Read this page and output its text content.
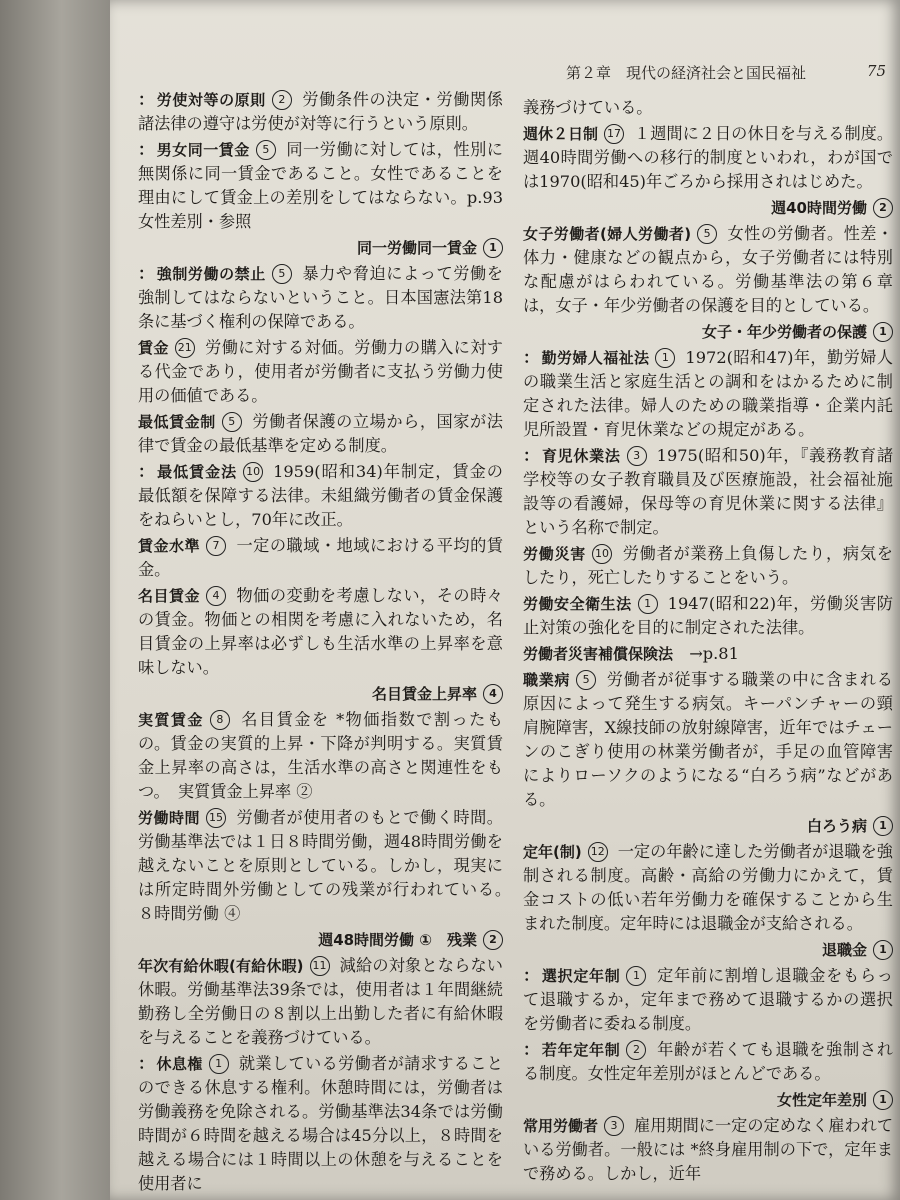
第２章　現代の経済社会と国民福祉	75
： 労使対等の原則 2 労働条件の決定・労働関係諸法律の遵守は労使が対等に行うという原則。
： 男女同一賃金 5 同一労働に対しては，性別に無関係に同一賃金であること。女性であることを理由にして賃金上の差別をしてはならない。p.93 女性差別・参照
同一労働同一賃金 1
： 強制労働の禁止 5 暴力や脅迫によって労働を強制してはならないということ。日本国憲法第18条に基づく権利の保障である。
賃金 21 労働に対する対価。労働力の購入に対する代金であり，使用者が労働者に支払う労働力使用の価値である。
最低賃金制 5 労働者保護の立場から，国家が法律で賃金の最低基準を定める制度。
： 最低賃金法 10 1959(昭和34)年制定，賃金の最低額を保障する法律。未組織労働者の賃金保護をねらいとし，70年に改正。
賃金水準 7 一定の職域・地域における平均的賃金。
名目賃金 4 物価の変動を考慮しない，その時々の賃金。物価との相関を考慮に入れないため，名目賃金の上昇率は必ずしも生活水準の上昇率を意味しない。
名目賃金上昇率 4
実質賃金 8 名目賃金を *物価指数で割ったもの。賃金の実質的上昇・下降が判明する。実質賃金上昇率の高さは，生活水準の高さと関連性をもつ。　実質賃金上昇率 ②
労働時間 15 労働者が使用者のもとで働く時間。労働基準法では１日８時間労働，週48時間労働を越えないことを原則としている。しかし，現実には所定時間外労働としての残業が行われている。　８時間労働 ④
週48時間労働 ①　残業 2
年次有給休暇(有給休暇) 11 減給の対象とならない休暇。労働基準法39条では，使用者は１年間継続勤務し全労働日の８割以上出勤した者に有給休暇を与えることを義務づけている。
： 休息権 1 就業している労働者が請求することのできる休息する権利。休憩時間には，労働者は労働義務を免除される。労働基準法34条では労働時間が６時間を越える場合は45分以上，８時間を越える場合には１時間以上の休憩を与えることを使用者に
義務づけている。
週休２日制 17 １週間に２日の休日を与える制度。週40時間労働への移行的制度といわれ，わが国では1970(昭和45)年ごろから採用されはじめた。
週40時間労働 2
女子労働者(婦人労働者) 5 女性の労働者。性差・体力・健康などの観点から，女子労働者には特別な配慮がはらわれている。労働基準法の第６章は，女子・年少労働者の保護を目的としている。
女子・年少労働者の保護 1
： 勤労婦人福祉法 1 1972(昭和47)年，勤労婦人の職業生活と家庭生活との調和をはかるために制定された法律。婦人のための職業指導・企業内託児所設置・育児休業などの規定がある。
： 育児休業法 3 1975(昭和50)年，『義務教育諸学校等の女子教育職員及び医療施設，社会福祉施設等の看護婦，保母等の育児休業に関する法律』という名称で制定。
労働災害 10 労働者が業務上負傷したり，病気をしたり，死亡したりすることをいう。
労働安全衛生法 1 1947(昭和22)年，労働災害防止対策の強化を目的に制定された法律。
労働者災害補償保険法　 →p.81
職業病 5 労働者が従事する職業の中に含まれる原因によって発生する病気。キーパンチャーの頸肩腕障害，X線技師の放射線障害，近年ではチェーンのこぎり使用の林業労働者が，手足の血管障害によりローソクのようになる“白ろう病”などがある。
白ろう病 1
定年(制) 12 一定の年齢に達した労働者が退職を強制される制度。高齢・高給の労働力にかえて，賃金コストの低い若年労働力を確保することから生まれた制度。定年時には退職金が支給される。
退職金 1
： 選択定年制 1 定年前に割増し退職金をもらって退職するか，定年まで務めて退職するかの選択を労働者に委ねる制度。
： 若年定年制 2 年齢が若くても退職を強制される制度。女性定年差別がほとんどである。
女性定年差別 1
常用労働者 3 雇用期間に一定の定めなく雇われている労働者。一般には *終身雇用制の下で，定年まで務める。しかし，近年
